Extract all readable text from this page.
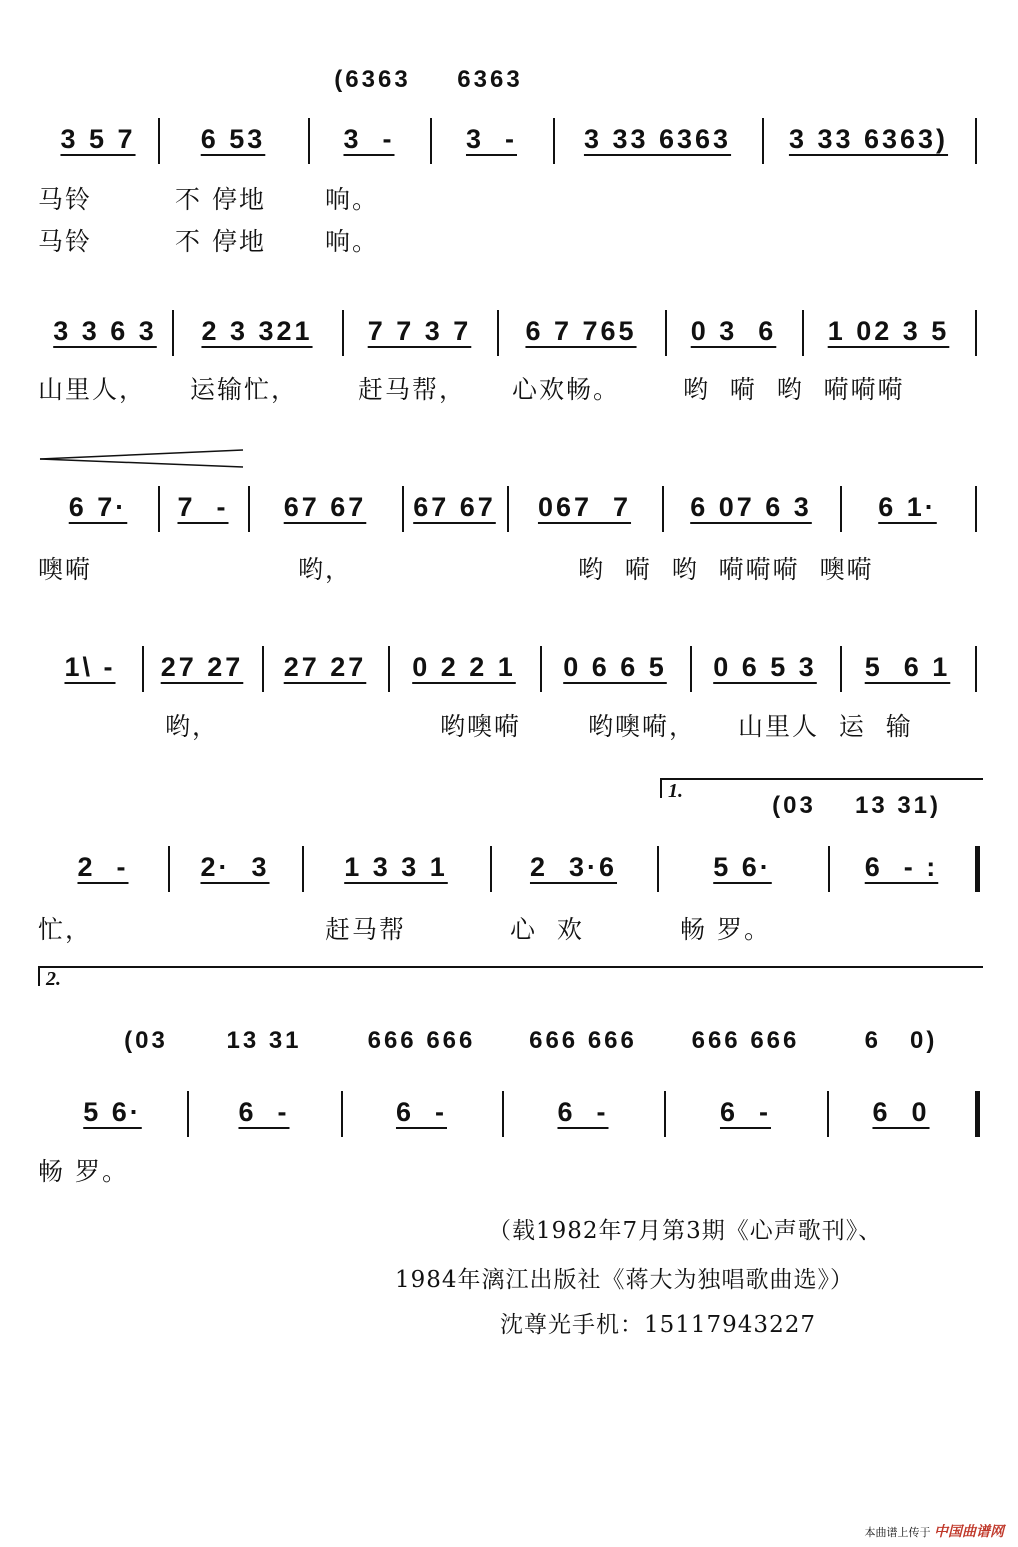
（载1982年7月第3期《心声歌刊》、
1984年漓江出版社《蒋大为独唱歌曲选》）
沈尊光手机：15117943227
本曲谱上传于 中国曲谱网
3 5 7	6 53	3  -	3  -	3 33 6363	3 33 6363)
(6363	6363
马铃	不 停地 响。
马铃	不 停地 响。
3 3 6 3	2 3 321	7 7 3 7	6 7 765	0 3  6	1 02 3 5
山里人， 运输忙， 赶马帮， 心欢畅。	哟  嗬  哟  嗬嗬嗬
6 7·	7  -	67 67	67 67	067  7	6 07 6 3	6 1·
噢嗬	哟，	哟  嗬  哟  嗬嗬嗬  噢嗬
1\ -	27 27	27 27	0 2 2 1	0 6 6 5	0 6 5 3	5  6 1
哟，	哟噢嗬	哟噢嗬， 山里人  运  输
2  -	2·  3	1 3 3 1	2  3·6	5 6·	6  - :
(03	13 31)
忙，	赶马帮	心  欢	畅 罗。
1.
5 6·	6  -	6  -	6  -	6  -	6  0
(03	13 31	666 666	666 666	666 666	6   0)
畅 罗。
2.
